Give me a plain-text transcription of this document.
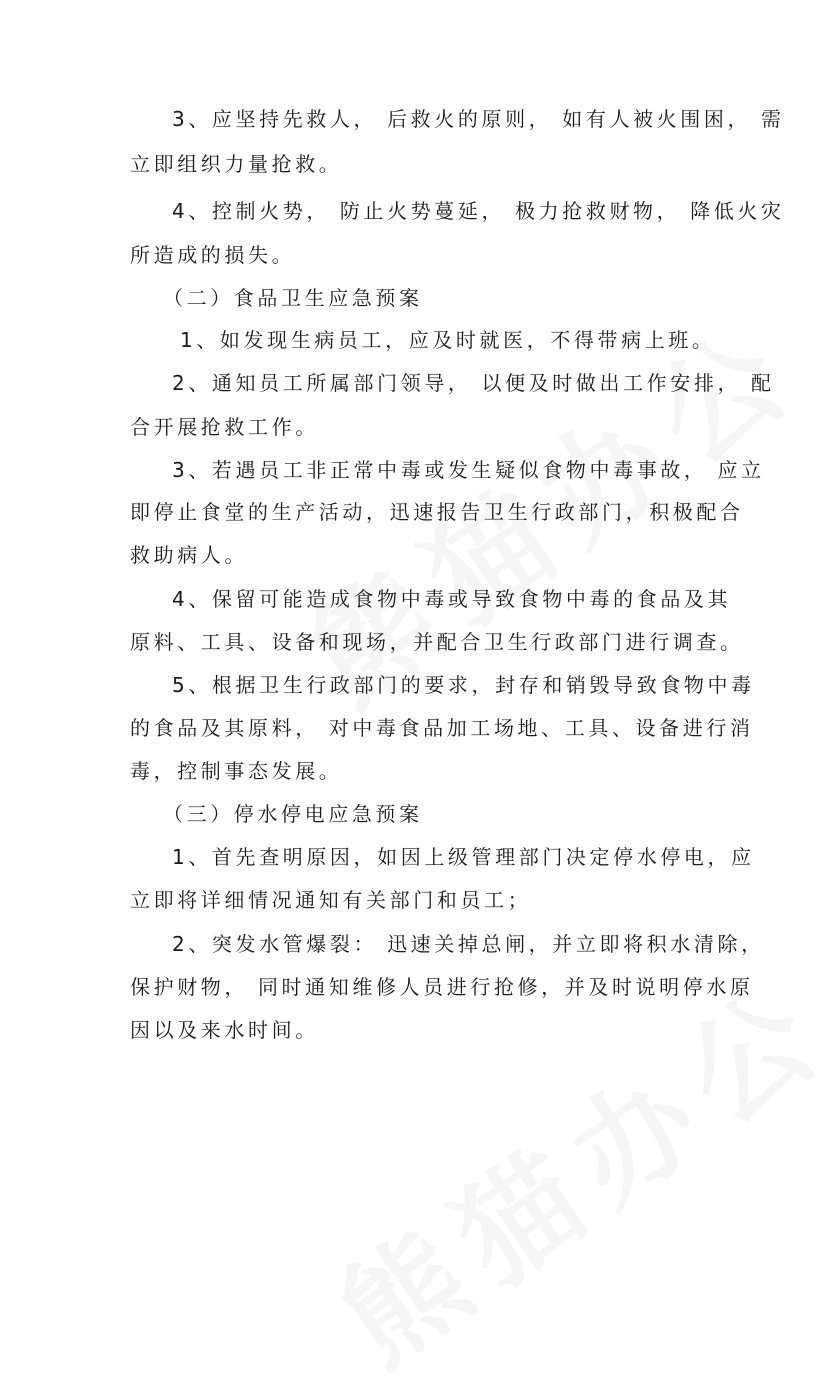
3、应坚持先救人， 后救火的原则， 如有人被火围困， 需

立即组织力量抢救。

4、控制火势， 防止火势蔓延， 极力抢救财物， 降低火灾

所造成的损失。

（二）食品卫生应急预案

1、如发现生病员工，应及时就医，不得带病上班。

2、通知员工所属部门领导， 以便及时做出工作安排， 配

合开展抢救工作。

3、若遇员工非正常中毒或发生疑似食物中毒事故， 应立

即停止食堂的生产活动，迅速报告卫生行政部门，积极配合

救助病人。

4、保留可能造成食物中毒或导致食物中毒的食品及其

原料、工具、设备和现场，并配合卫生行政部门进行调查。

5、根据卫生行政部门的要求，封存和销毁导致食物中毒

的食品及其原料， 对中毒食品加工场地、工具、设备进行消

毒，控制事态发展。

（三）停水停电应急预案

1、首先查明原因，如因上级管理部门决定停水停电，应

立即将详细情况通知有关部门和员工；

2、突发水管爆裂： 迅速关掉总闸，并立即将积水清除，

保护财物， 同时通知维修人员进行抢修，并及时说明停水原

因以及来水时间。
